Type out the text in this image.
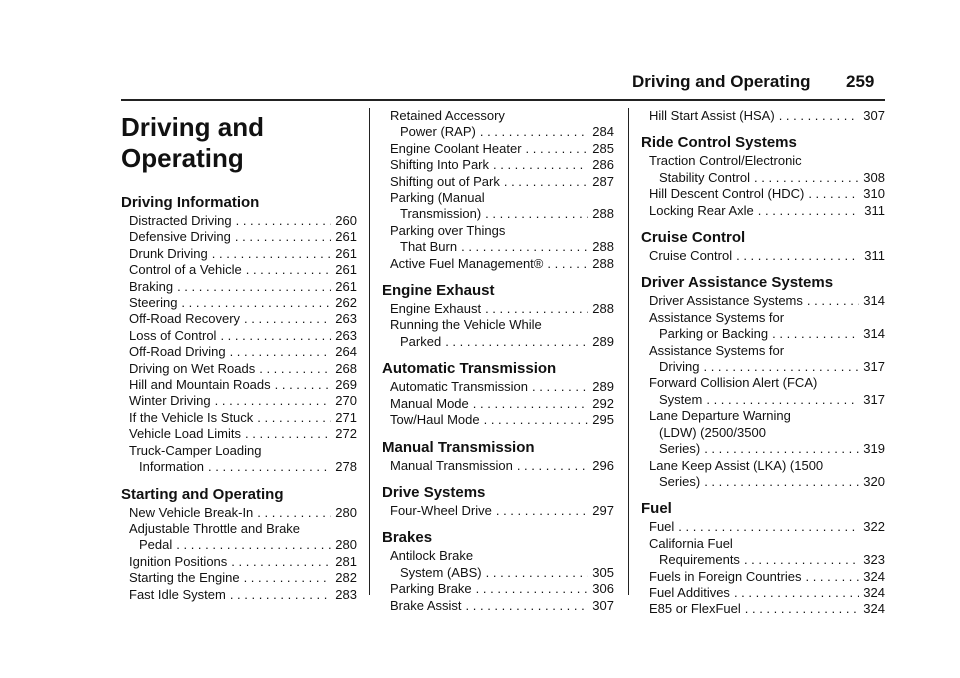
Driving and Operating 259
Driving and Operating
Driving Information
Distracted Driving . . .	260
Defensive Driving . . .	261
Drunk Driving . . .	261
Control of a Vehicle . . .	261
Braking . . .	261
Steering . . .	262
Off-Road Recovery . . .	263
Loss of Control . . .	263
Off-Road Driving . . .	264
Driving on Wet Roads . . .	268
Hill and Mountain Roads . . .	269
Winter Driving . . .	270
If the Vehicle Is Stuck . . .	271
Vehicle Load Limits . . .	272
Truck-Camper Loading
Information . . .	278
Starting and Operating
New Vehicle Break-In . . .	280
Adjustable Throttle and Brake
Pedal . . .	280
Ignition Positions . . .	281
Starting the Engine . . .	282
Fast Idle System . . .	283
Retained Accessory
Power (RAP) . . .	284
Engine Coolant Heater . . .	285
Shifting Into Park . . .	286
Shifting out of Park . . .	287
Parking (Manual
Transmission) . . .	288
Parking over Things
That Burn . . .	288
Active Fuel Management® . . .	288
Engine Exhaust
Engine Exhaust . . .	288
Running the Vehicle While
Parked . . .	289
Automatic Transmission
Automatic Transmission . . .	289
Manual Mode . . .	292
Tow/Haul Mode . . .	295
Manual Transmission
Manual Transmission . . .	296
Drive Systems
Four-Wheel Drive . . .	297
Brakes
Antilock Brake
System (ABS) . . .	305
Parking Brake . . .	306
Brake Assist . . .	307
Hill Start Assist (HSA) . . .	307
Ride Control Systems
Traction Control/Electronic
Stability Control . . .	308
Hill Descent Control (HDC) . . .	310
Locking Rear Axle . . .	311
Cruise Control
Cruise Control . . .	311
Driver Assistance Systems
Driver Assistance Systems . . .	314
Assistance Systems for
Parking or Backing . . .	314
Assistance Systems for
Driving . . .	317
Forward Collision Alert (FCA)
System . . .	317
Lane Departure Warning
(LDW) (2500/3500
Series) . . .	319
Lane Keep Assist (LKA) (1500
Series) . . .	320
Fuel
Fuel . . .	322
California Fuel
Requirements . . .	323
Fuels in Foreign Countries . . .	324
Fuel Additives . . .	324
E85 or FlexFuel . . .	324
